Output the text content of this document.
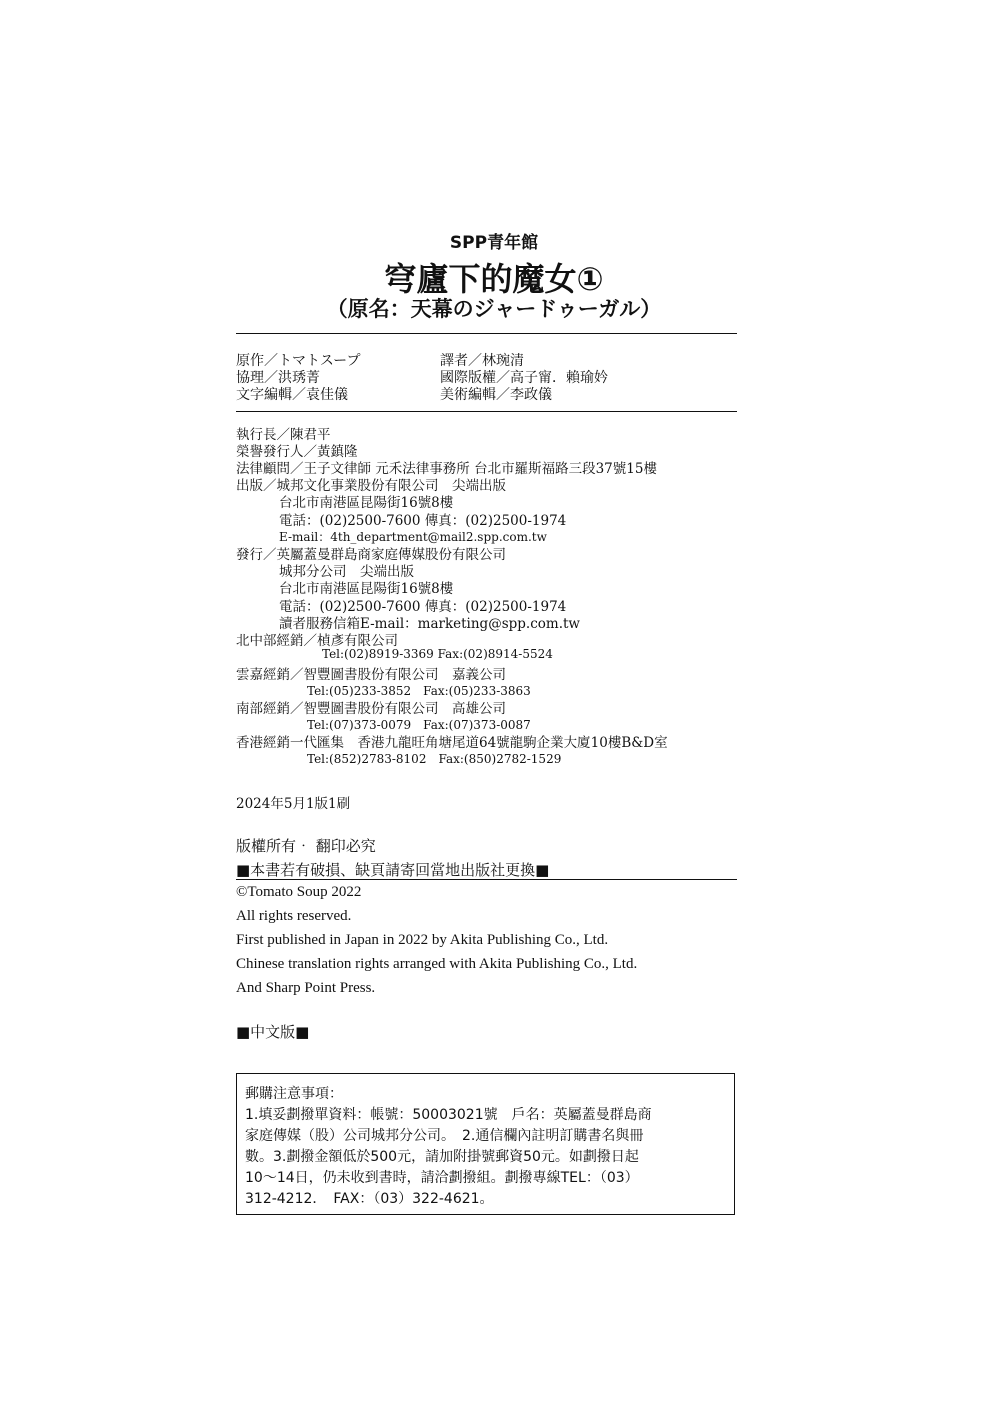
SPP青年館
穹廬下的魔女①
（原名：天幕のジャードゥーガル）
原作／トマトスープ	譯者／林琬清
協理／洪琇菁	國際版權／高子甯．賴瑜妗
文字編輯／袁佳儀	美術編輯／李政儀
執行長／陳君平
榮譽發行人／黃鎮隆
法律顧問／王子文律師 元禾法律事務所 台北市羅斯福路三段37號15樓
出版／城邦文化事業股份有限公司　尖端出版
台北市南港區昆陽街16號8樓
電話：(02)2500-7600 傳真：(02)2500-1974
E-mail：4th_department@mail2.spp.com.tw
發行／英屬蓋曼群島商家庭傳媒股份有限公司
城邦分公司　尖端出版
台北市南港區昆陽街16號8樓
電話：(02)2500-7600 傳真：(02)2500-1974
讀者服務信箱E-mail：marketing@spp.com.tw
北中部經銷／楨彥有限公司
Tel:(02)8919-3369 Fax:(02)8914-5524
雲嘉經銷／智豐圖書股份有限公司　嘉義公司
Tel:(05)233-3852　Fax:(05)233-3863
南部經銷／智豐圖書股份有限公司　高雄公司
Tel:(07)373-0079　Fax:(07)373-0087
香港經銷一代匯集　香港九龍旺角塘尾道64號龍駒企業大廈10樓B&D室
Tel:(852)2783-8102　Fax:(850)2782-1529
2024年5月1版1刷
版權所有‧ 翻印必究
■本書若有破損、缺頁請寄回當地出版社更換■
©Tomato Soup 2022
All rights reserved.
First published in Japan in 2022 by Akita Publishing Co., Ltd.
Chinese translation rights arranged with Akita Publishing Co., Ltd.
And Sharp Point Press.
■中文版■
郵購注意事項：
1.填妥劃撥單資料：帳號：50003021號　戶名：英屬蓋曼群島商
家庭傳媒（股）公司城邦分公司。　2.通信欄內註明訂購書名與冊
數。3.劃撥金額低於500元，請加附掛號郵資50元。如劃撥日起
10～14日，仍未收到書時，請洽劃撥組。劃撥專線TEL：（03）
312-4212．　FAX：（03）322-4621。
